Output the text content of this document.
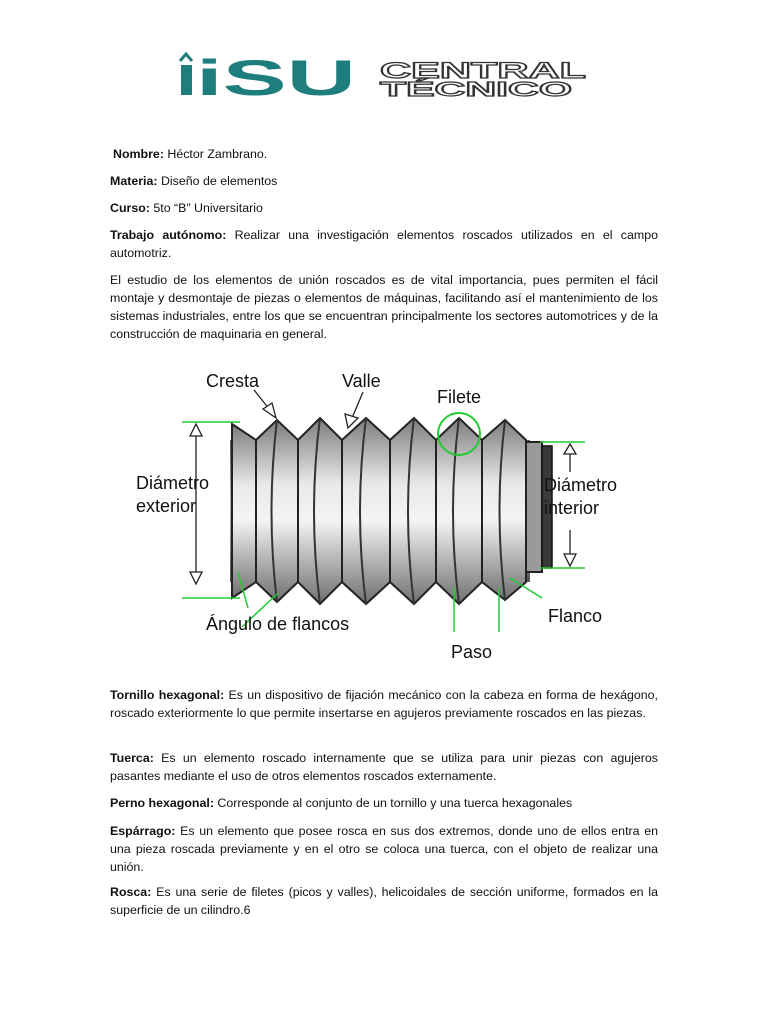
iSU CENTRAL
TÉCNICO
Nombre: Héctor Zambrano.
Materia: Diseño de elementos
Curso: 5to “B” Universitario
Trabajo autónomo: Realizar una investigación elementos roscados utilizados en el campo automotriz.
El estudio de los elementos de unión roscados es de vital importancia, pues permiten el fácil montaje y desmontaje de piezas o elementos de máquinas, facilitando así el mantenimiento de los sistemas industriales, entre los que se encuentran principalmente los sectores automotrices y de la construcción de maquinaria en general.
Cresta	Valle
Filete
Diámetro
exterior
Diámetro
interior
Ángulo de flancos	Flanco
Paso
Tornillo hexagonal: Es un dispositivo de fijación mecánico con la cabeza en forma de hexágono, roscado exteriormente lo que permite insertarse en agujeros previamente roscados en las piezas.
Tuerca: Es un elemento roscado internamente que se utiliza para unir piezas con agujeros pasantes mediante el uso de otros elementos roscados externamente.
Perno hexagonal: Corresponde al conjunto de un tornillo y una tuerca hexagonales
Espárrago: Es un elemento que posee rosca en sus dos extremos, donde uno de ellos entra en una pieza roscada previamente y en el otro se coloca una tuerca, con el objeto de realizar una unión.
Rosca: Es una serie de filetes (picos y valles), helicoidales de sección uniforme, formados en la superficie de un cilindro.6
